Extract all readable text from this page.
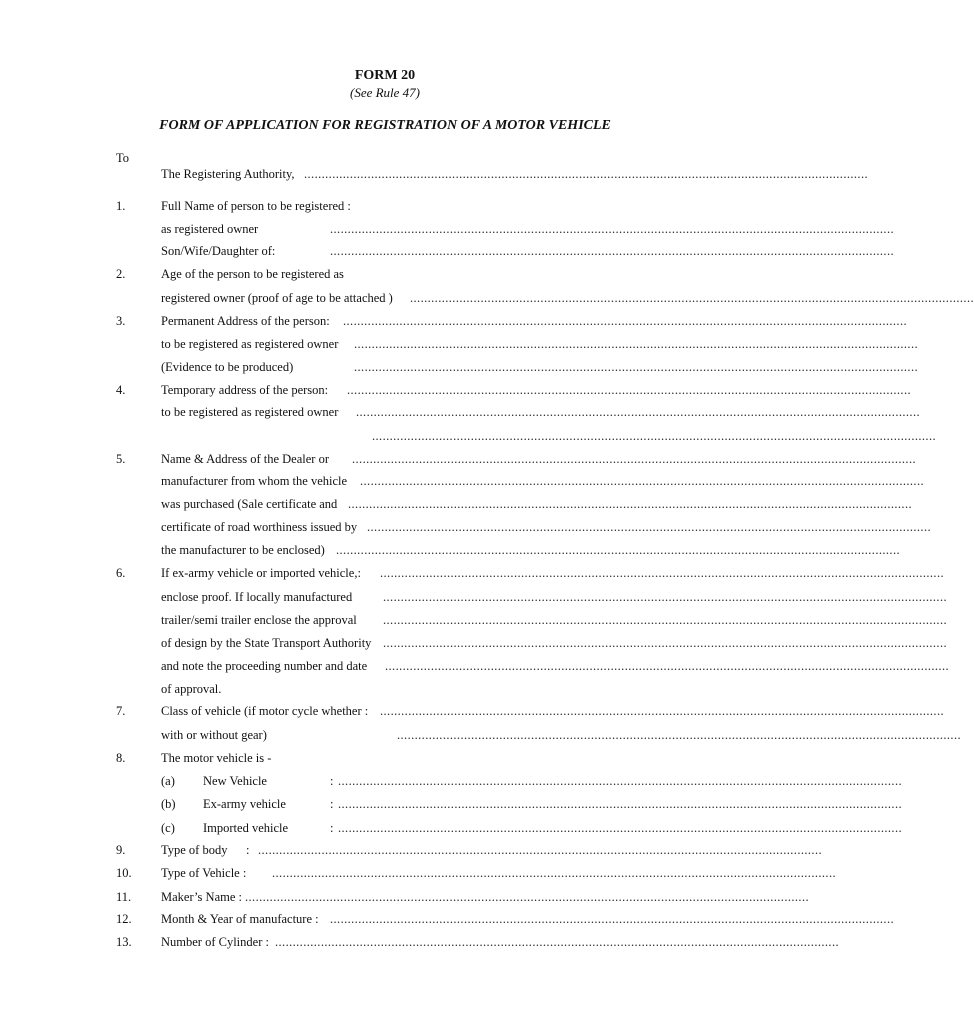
FORM 20
(See Rule 47)
FORM OF APPLICATION FOR REGISTRATION OF A MOTOR VEHICLE
To
The Registering Authority, ................................................................................................................................................................
1.	Full Name of person to be registered :
as registered owner	................................................................................................................................................................
Son/Wife/Daughter of:	................................................................................................................................................................
2.	Age of the person to be registered as
registered owner (proof of age to be attached ) ................................................................................................................................................................
3.	Permanent Address of the person: ................................................................................................................................................................
to be registered as registered owner ................................................................................................................................................................
(Evidence to be produced)	................................................................................................................................................................
4.	Temporary address of the person: ................................................................................................................................................................
to be registered as registered owner ................................................................................................................................................................
................................................................................................................................................................
5.	Name & Address of the Dealer or ................................................................................................................................................................
manufacturer from whom the vehicle ................................................................................................................................................................
was purchased (Sale certificate and ................................................................................................................................................................
certificate of road worthiness issued by ................................................................................................................................................................
the manufacturer to be enclosed) ................................................................................................................................................................
6.	If ex-army vehicle or imported vehicle,: ................................................................................................................................................................
enclose proof. If locally manufactured ................................................................................................................................................................
trailer/semi trailer enclose the approval ................................................................................................................................................................
of design by the State Transport Authority ................................................................................................................................................................
and note the proceeding number and date ................................................................................................................................................................
of approval.
7.	Class of vehicle (if motor cycle whether : ................................................................................................................................................................
with or without gear)	................................................................................................................................................................
8.	The motor vehicle is -
(a) New Vehicle	: ................................................................................................................................................................
(b) Ex-army vehicle	: ................................................................................................................................................................
(c) Imported vehicle	: ................................................................................................................................................................
9.	Type of body : ................................................................................................................................................................
10. Type of Vehicle : ................................................................................................................................................................
11. Maker’s Name : ................................................................................................................................................................
12. Month & Year of manufacture : ................................................................................................................................................................
13. Number of Cylinder : ................................................................................................................................................................
